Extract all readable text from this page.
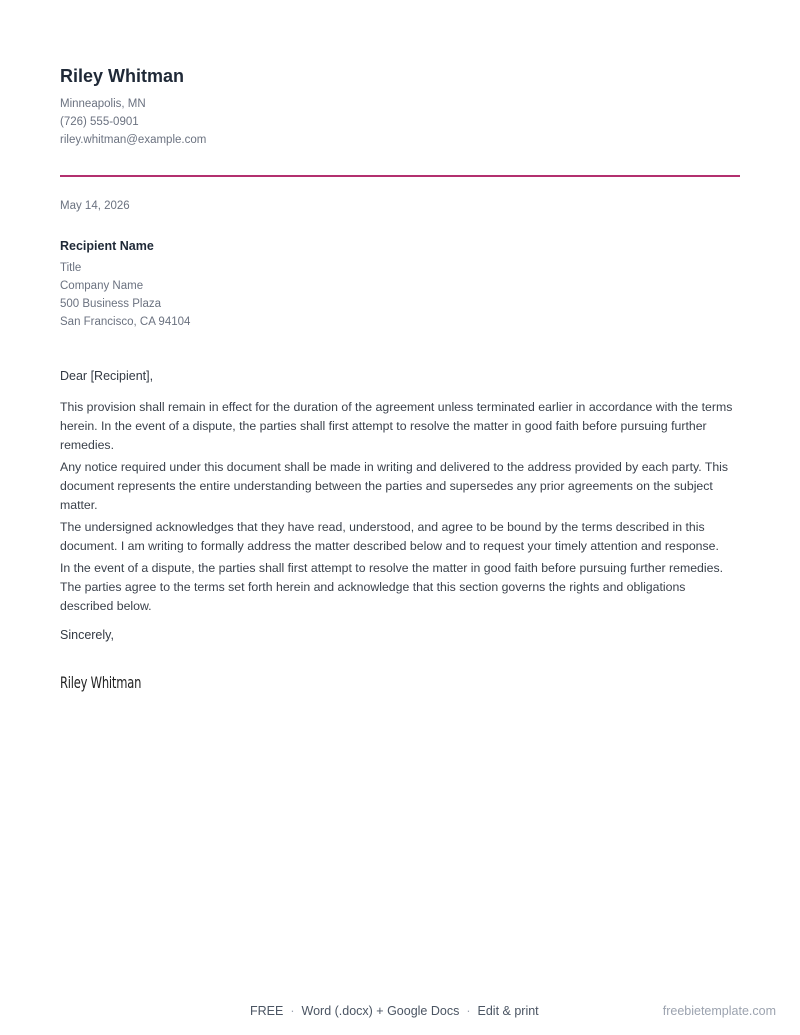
Riley Whitman
Minneapolis, MN
(726) 555-0901
riley.whitman@example.com
May 14, 2026
Recipient Name
Title
Company Name
500 Business Plaza
San Francisco, CA 94104
Dear [Recipient],

This provision shall remain in effect for the duration of the agreement unless terminated earlier in accordance with the terms herein. In the event of a dispute, the parties shall first attempt to resolve the matter in good faith before pursuing further remedies.

Any notice required under this document shall be made in writing and delivered to the address provided by each party. This document represents the entire understanding between the parties and supersedes any prior agreements on the subject matter.

The undersigned acknowledges that they have read, understood, and agree to be bound by the terms described in this document. I am writing to formally address the matter described below and to request your timely attention and response.

In the event of a dispute, the parties shall first attempt to resolve the matter in good faith before pursuing further remedies. The parties agree to the terms set forth herein and acknowledge that this section governs the rights and obligations described below.

Sincerely,
Riley Whitman
FREE · Word (.docx) + Google Docs · Edit & print	freebietemplate.com
